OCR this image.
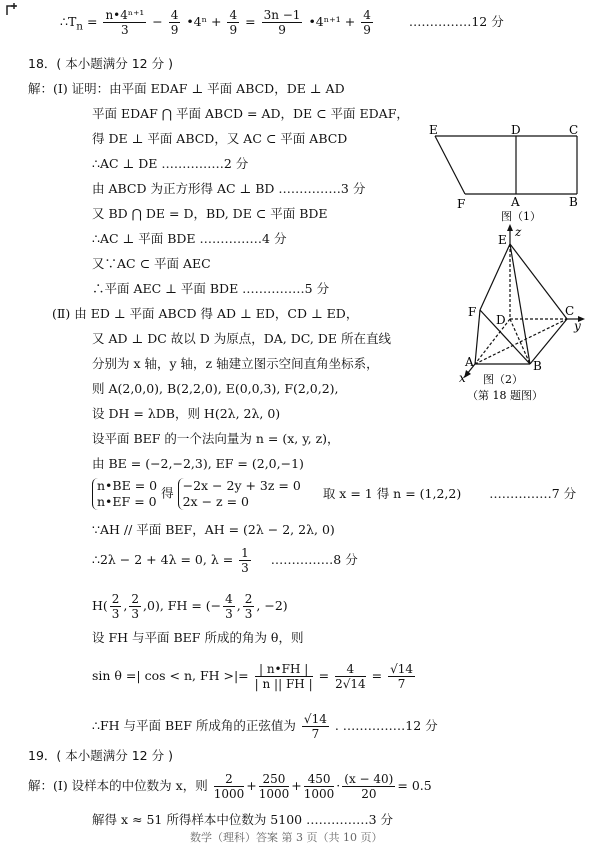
$\therefore T_n = \frac{\text{n•4ⁿ⁺¹}}{3} - \frac{4}{9}$ •4ⁿ + $\frac{4}{9} = \frac{3n -1}{9}$ •4ⁿ⁺¹ + $\frac{4}{9}$	……………12 分
18．( 本小题满分 12 分 )
解：(Ⅰ) 证明：由平面 EDAF ⊥ 平面 ABCD，DE ⊥ AD
平面 EDAF ⋂ 平面 ABCD = AD，DE ⊂ 平面 EDAF，
得 DE ⊥ 平面 ABCD，又 AC ⊂ 平面 ABCD
∴AC ⊥ DE ……………2 分
由 ABCD 为正方形得 AC ⊥ BD ……………3 分
又 BD ⋂ DE = D，BD, DE ⊂ 平面 BDE
∴AC ⊥ 平面 BDE ……………4 分
又∵AC ⊂ 平面 AEC
∴平面 AEC ⊥ 平面 BDE ……………5 分
(Ⅱ) 由 ED ⊥ 平面 ABCD 得 AD ⊥ ED，CD ⊥ ED，
又 AD ⊥ DC 故以 D 为原点，DA, DC, DE 所在直线
分别为 x 轴，y 轴，z 轴建立图示空间直角坐标系，
则 A(2,0,0), B(2,2,0), E(0,0,3), F(2,0,2),
设 DH = λDB，则 H(2λ, 2λ, 0)
设平面 BEF 的一个法向量为 n = (x, y, z)，
由 BE = (−2,−2,3), EF = (2,0,−1)
n•BE = 0
n•EF = 0 得 −2x − 2y + 3z = 0
2x − z = 0 取 x = 1 得 n = (1,2,2) ……………7 分
∵AH // 平面 BEF，AH = (2λ − 2, 2λ, 0)
∴2λ − 2 + 4λ = 0, $\lambda = \frac{1}{3}$ ……………8 分
$H( \frac{2}{3}$ , $\frac{2}{3} ,0$), FH = (− $\frac{4}{3}$ , $\frac{2}{3}$ , −2)
设 FH 与平面 BEF 所成的角为 θ，则
sin θ =| cos < n, FH >|= $\frac{| n•FH |}{| n || FH |} = \frac{4}{2√14} = \frac{√14}{7}$
∴FH 与平面 BEF 所成角的正弦值为 $\frac{√14}{7}$ . ……………12 分
19．( 本小题满分 12 分 )
解：(Ⅰ) 设样本的中位数为 x，则 $\frac{2}{1000} + \frac{250}{1000} + \frac{450}{1000} \cdot \frac{(x - 40)}{20} = 0.5$
解得 x ≈ 51 所得样本中位数为 5100 ……………3 分
数学（理科）答案 第 3 页（共 10 页）
E	D	C
F	A	B
图（1）
E
z
F
D
C
y
A	B
x 图（2）
（第 18 题图）
